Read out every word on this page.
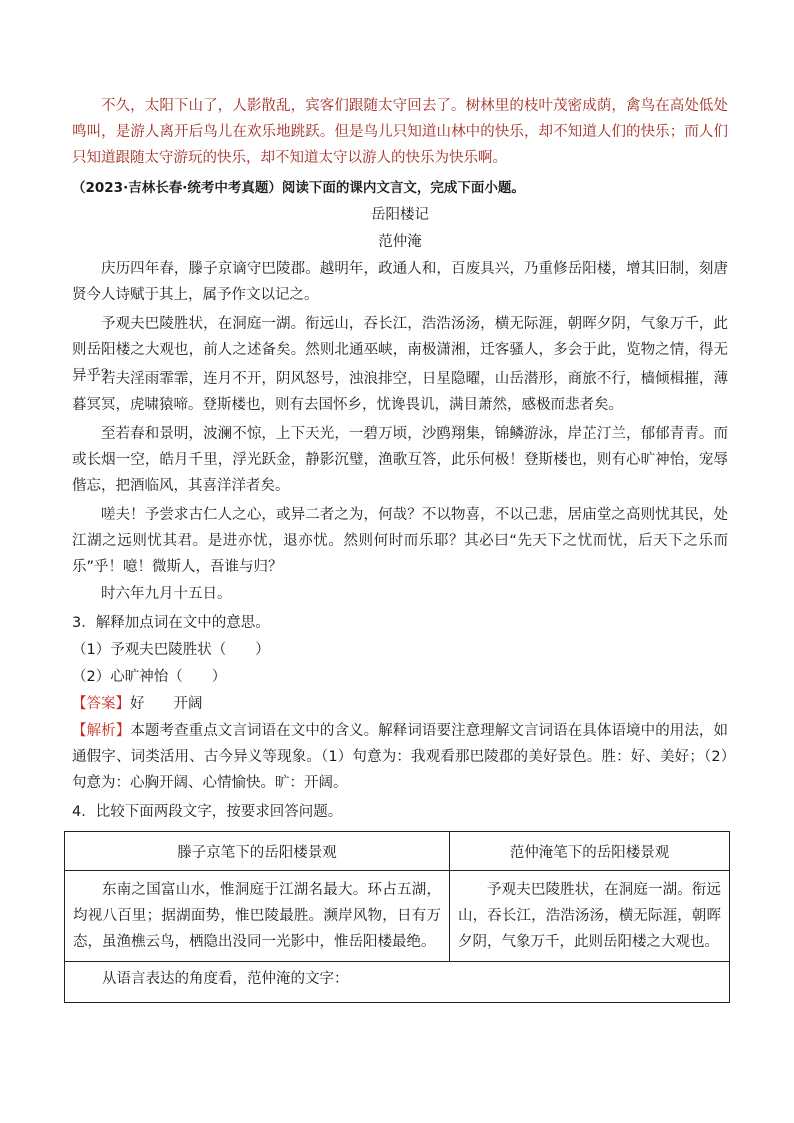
不久，太阳下山了，人影散乱，宾客们跟随太守回去了。树林里的枝叶茂密成荫，禽鸟在高处低处鸣叫，是游人离开后鸟儿在欢乐地跳跃。但是鸟儿只知道山林中的快乐，却不知道人们的快乐；而人们只知道跟随太守游玩的快乐，却不知道太守以游人的快乐为快乐啊。

（2023·吉林长春·统考中考真题）阅读下面的课内文言文，完成下面小题。

岳阳楼记

范仲淹

庆历四年春，滕子京谪守巴陵郡。越明年，政通人和，百废具兴，乃重修岳阳楼，增其旧制，刻唐贤今人诗赋于其上，属予作文以记之。

予观夫巴陵胜状，在洞庭一湖。衔远山，吞长江，浩浩汤汤，横无际涯，朝晖夕阴，气象万千，此则岳阳楼之大观也，前人之述备矣。然则北通巫峡，南极潇湘，迁客骚人，多会于此，览物之情，得无异乎？

若夫淫雨霏霏，连月不开，阴风怒号，浊浪排空，日星隐曜，山岳潜形，商旅不行，樯倾楫摧，薄暮冥冥，虎啸猿啼。登斯楼也，则有去国怀乡，忧谗畏讥，满目萧然，感极而悲者矣。

至若春和景明，波澜不惊，上下天光，一碧万顷，沙鸥翔集，锦鳞游泳，岸芷汀兰，郁郁青青。而或长烟一空，皓月千里，浮光跃金，静影沉璧，渔歌互答，此乐何极！登斯楼也，则有心旷神怡，宠辱偕忘，把酒临风，其喜洋洋者矣。

嗟夫！予尝求古仁人之心，或异二者之为，何哉？不以物喜，不以己悲，居庙堂之高则忧其民，处江湖之远则忧其君。是进亦忧，退亦忧。然则何时而乐耶？其必曰“先天下之忧而忧，后天下之乐而乐”乎！噫！微斯人，吾谁与归？

时六年九月十五日。

3．解释加点词在文中的意思。

（1）予观夫巴陵胜状（　　）

（2）心旷神怡（　　）

【答案】好　　开阔

【解析】本题考查重点文言词语在文中的含义。解释词语要注意理解文言词语在具体语境中的用法，如通假字、词类活用、古今异义等现象。（1）句意为：我观看那巴陵郡的美好景色。胜：好、美好；（2）句意为：心胸开阔、心情愉快。旷：开阔。

4．比较下面两段文字，按要求回答问题。

滕子京笔下的岳阳楼景观	范仲淹笔下的岳阳楼景观
东南之国富山水，惟洞庭于江湖名最大。环占五湖，均视八百里；据湖面势，惟巴陵最胜。濒岸风物，日有万态，虽渔樵云鸟，栖隐出没同一光影中，惟岳阳楼最绝。	予观夫巴陵胜状，在洞庭一湖。衔远山，吞长江，浩浩汤汤，横无际涯，朝晖夕阴，气象万千，此则岳阳楼之大观也。
从语言表达的角度看，范仲淹的文字：	
